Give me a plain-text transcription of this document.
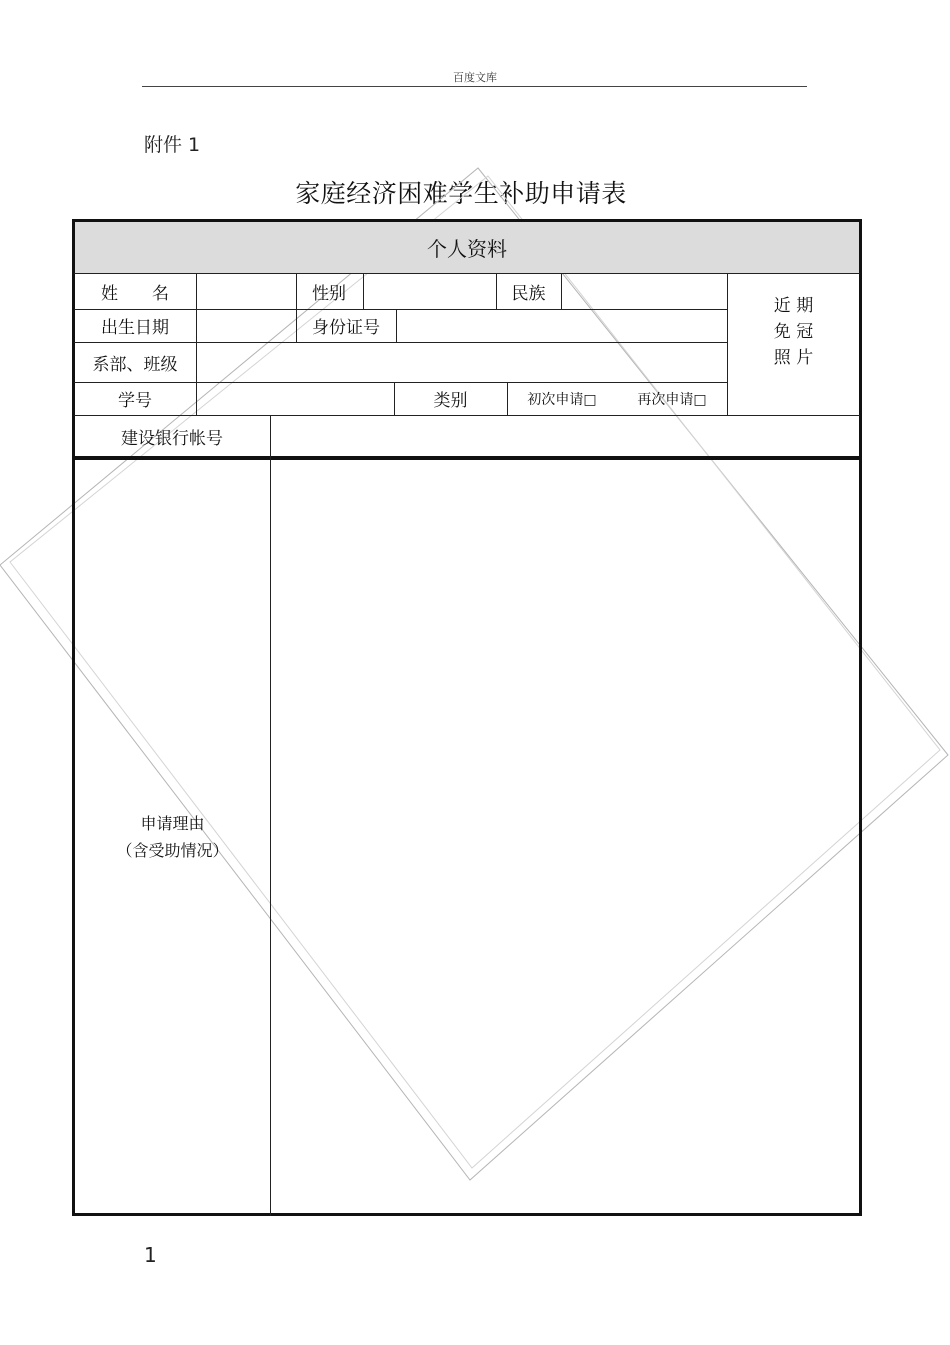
百度文库
附件 1
家庭经济困难学生补助申请表
个人资料
姓　　名	性别	民族
近 期
免 冠
照 片
出生日期	身份证号
系部、班级
学号	类别	初次申请□	再次申请□
建设银行帐号
申请理由
（含受助情况）
1
